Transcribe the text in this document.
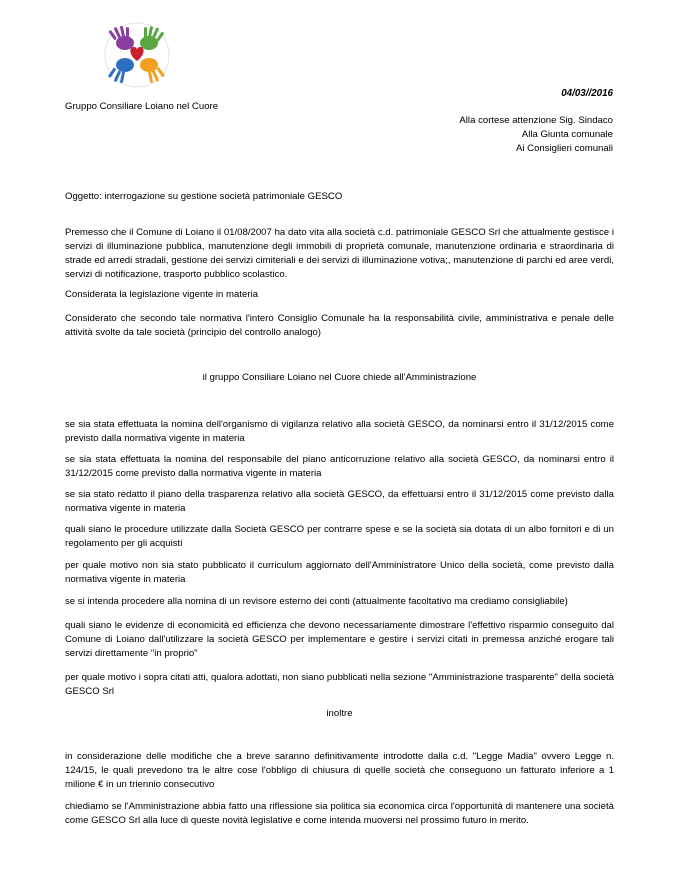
04/03//2016
Gruppo Consiliare Loiano nel Cuore
Alla cortese attenzione Sig. Sindaco
Alla Giunta comunale
Ai Consiglieri comunali
Oggetto: interrogazione su gestione società patrimoniale GESCO

Premesso che il Comune di Loiano il 01/08/2007 ha dato vita alla società c.d. patrimoniale GESCO Srl che attualmente gestisce i servizi di illuminazione pubblica, manutenzione degli immobili di proprietà comunale, manutenzione ordinaria e straordinaria di strade ed arredi stradali, gestione dei servizi cimiteriali e dei servizi di illuminazione votiva;, manutenzione di parchi ed aree verdi, servizi di notificazione, trasporto pubblico scolastico.

Considerata la legislazione vigente in materia

Considerato che secondo tale normativa l'intero Consiglio Comunale ha la responsabilità civile, amministrativa e penale delle attività svolte da tale società (principio del controllo analogo)

il gruppo Consiliare Loiano nel Cuore chiede all'Amministrazione

se sia stata effettuata la nomina dell'organismo di vigilanza relativo alla società GESCO, da nominarsi entro il 31/12/2015 come previsto dalla normativa vigente in materia

se sia stata effettuata la nomina del responsabile del piano anticorruzione relativo alla società GESCO, da nominarsi entro il 31/12/2015 come previsto dalla normativa vigente in materia

se sia stato redatto il piano della trasparenza relativo alla società GESCO, da effettuarsi entro il 31/12/2015 come previsto dalla normativa vigente in materia

quali siano le procedure utilizzate dalla Società GESCO per contrarre spese e se la società sia dotata di un albo fornitori e di un regolamento per gli acquisti

per quale motivo non sia stato pubblicato il curriculum aggiornato dell'Amministratore Unico della società, come previsto dalla normativa vigente in materia

se si intenda procedere alla nomina di un revisore esterno dei conti (attualmente facoltativo ma crediamo consigliabile)

quali siano le evidenze di economicità ed efficienza che devono necessariamente dimostrare l'effettivo risparmio conseguito dal Comune di Loiano dall'utilizzare la società GESCO per implementare e gestire i servizi citati in premessa anziché erogare tali servizi direttamente "in proprio"

per quale motivo i sopra citati atti, qualora adottati, non siano pubblicati nella sezione "Amministrazione trasparente" della società GESCO Srl

inoltre

in considerazione delle modifiche che a breve saranno definitivamente introdotte dalla c.d. "Legge Madia" ovvero Legge n. 124/15, le quali prevedono tra le altre cose l'obbligo di chiusura di quelle società che conseguono un fatturato inferiore a 1 milione € in un triennio consecutivo

chiediamo se l'Amministrazione abbia fatto una riflessione sia politica sia economica circa l'opportunità di mantenere una società come GESCO Srl alla luce di queste novità legislative e come intenda muoversi nel prossimo futuro in merito.
